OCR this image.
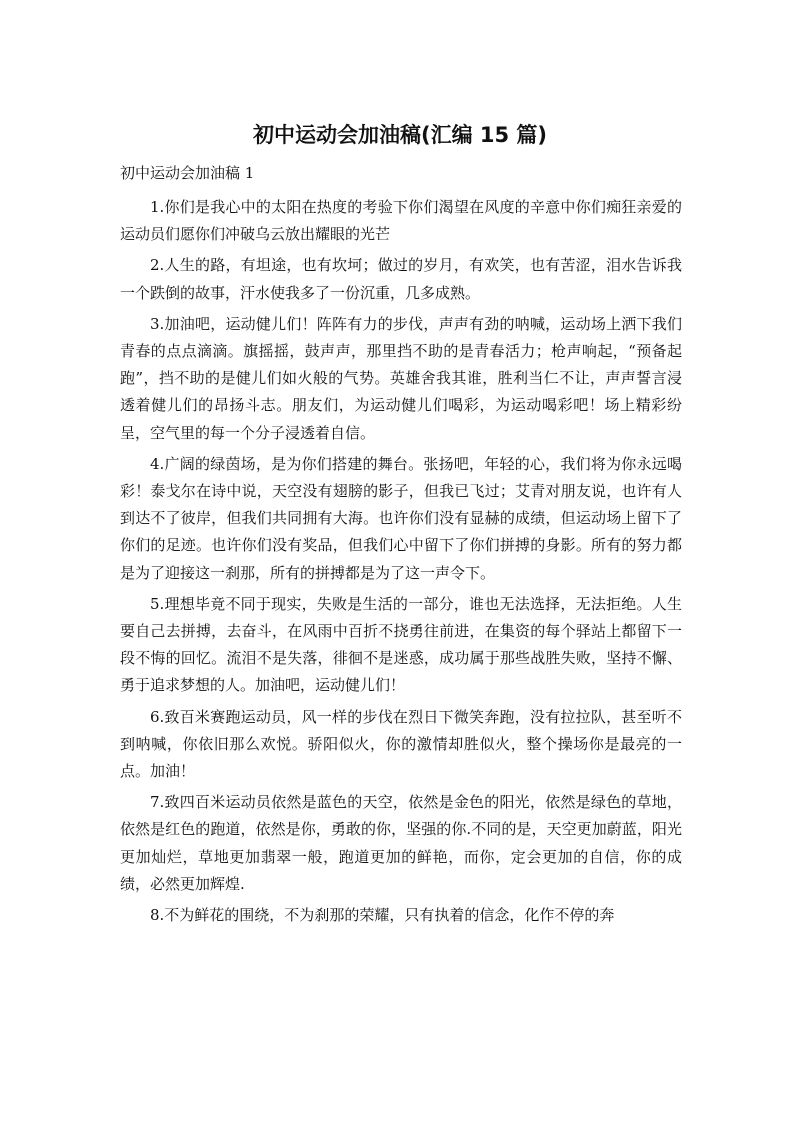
初中运动会加油稿(汇编 15 篇)

初中运动会加油稿 1

1.你们是我心中的太阳在热度的考验下你们渴望在风度的辛意中你们痴狂亲爱的运动员们愿你们冲破乌云放出耀眼的光芒

2.人生的路，有坦途，也有坎坷；做过的岁月，有欢笑，也有苦涩，泪水告诉我一个跌倒的故事，汗水使我多了一份沉重，几多成熟。

3.加油吧，运动健儿们！阵阵有力的步伐，声声有劲的呐喊，运动场上洒下我们青春的点点滴滴。旗摇摇，鼓声声，那里挡不助的是青春活力；枪声响起，“预备起跑”，挡不助的是健儿们如火般的气势。英雄舍我其谁，胜利当仁不让，声声誓言浸透着健儿们的昂扬斗志。朋友们，为运动健儿们喝彩，为运动喝彩吧！场上精彩纷呈，空气里的每一个分子浸透着自信。

4.广阔的绿茵场，是为你们搭建的舞台。张扬吧，年轻的心，我们将为你永远喝彩！泰戈尔在诗中说，天空没有翅膀的影子，但我已飞过；艾青对朋友说，也许有人到达不了彼岸，但我们共同拥有大海。也许你们没有显赫的成绩，但运动场上留下了你们的足迹。也许你们没有奖品，但我们心中留下了你们拼搏的身影。所有的努力都是为了迎接这一刹那，所有的拼搏都是为了这一声令下。

5.理想毕竟不同于现实，失败是生活的一部分，谁也无法选择，无法拒绝。人生要自己去拼搏，去奋斗，在风雨中百折不挠勇往前进，在集资的每个驿站上都留下一段不悔的回忆。流泪不是失落，徘徊不是迷惑，成功属于那些战胜失败，坚持不懈、勇于追求梦想的人。加油吧，运动健儿们！

6.致百米赛跑运动员，风一样的步伐在烈日下微笑奔跑，没有拉拉队，甚至听不到呐喊，你依旧那么欢悦。骄阳似火，你的激情却胜似火，整个操场你是最亮的一点。加油！

7.致四百米运动员依然是蓝色的天空，依然是金色的阳光，依然是绿色的草地，依然是红色的跑道，依然是你，勇敢的你，坚强的你.不同的是，天空更加蔚蓝，阳光更加灿烂，草地更加翡翠一般，跑道更加的鲜艳，而你，定会更加的自信，你的成绩，必然更加辉煌.

8.不为鲜花的围绕，不为刹那的荣耀，只有执着的信念，化作不停的奔
